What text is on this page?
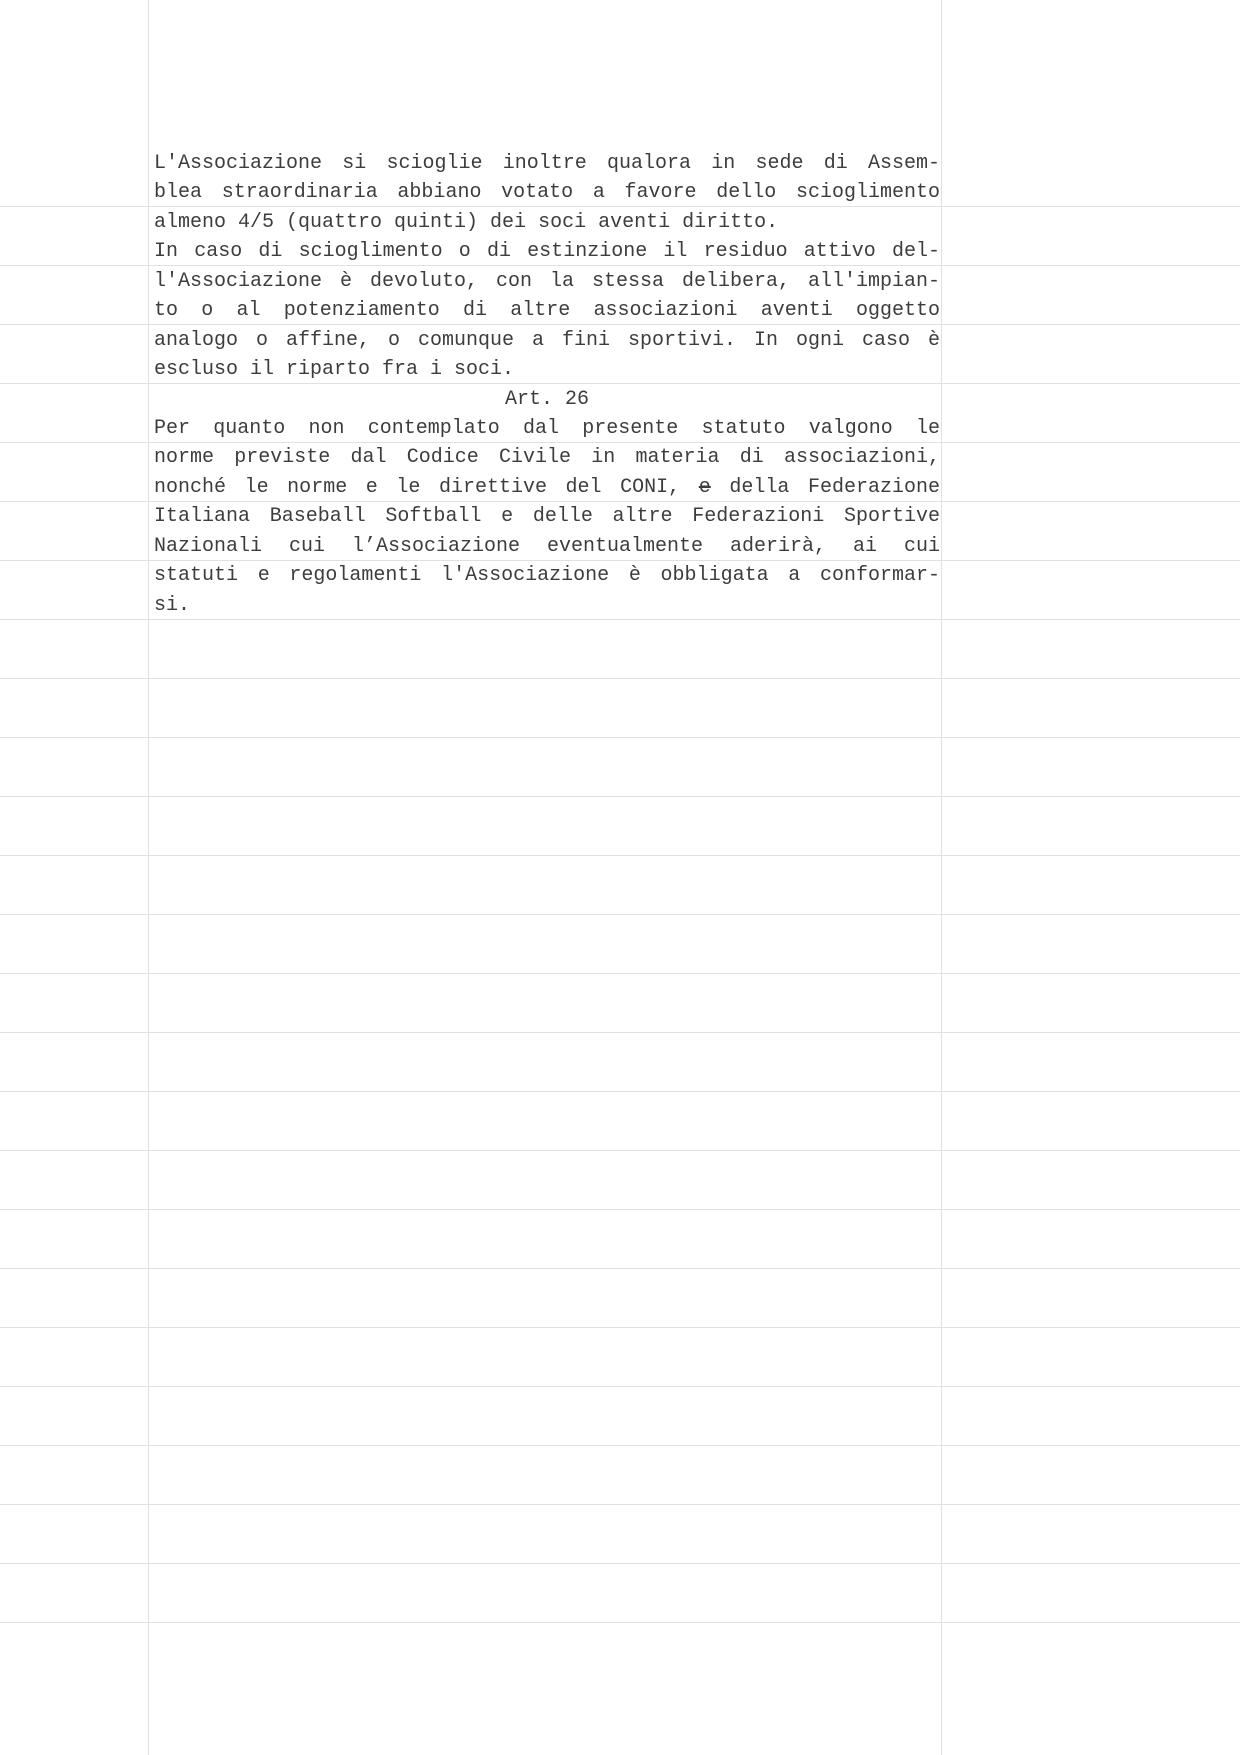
L'Associazione si scioglie inoltre qualora in sede di Assem-
blea straordinaria abbiano votato a favore dello scioglimento
almeno 4/5 (quattro quinti) dei soci aventi diritto.
In caso di scioglimento o di estinzione il residuo attivo del-
l'Associazione è devoluto, con la stessa delibera, all'impian-
to o al potenziamento di altre associazioni aventi oggetto
analogo o affine, o comunque a fini sportivi. In ogni caso è
escluso il riparto fra i soci.
Art. 26
Per quanto non contemplato dal presente statuto valgono le
norme previste dal Codice Civile in materia di associazioni,
nonché le norme e le direttive del CONI, e della Federazione
Italiana Baseball Softball e delle altre Federazioni Sportive
Nazionali cui l’Associazione eventualmente aderirà, ai cui
statuti e regolamenti l'Associazione è obbligata a conformar-
si.
